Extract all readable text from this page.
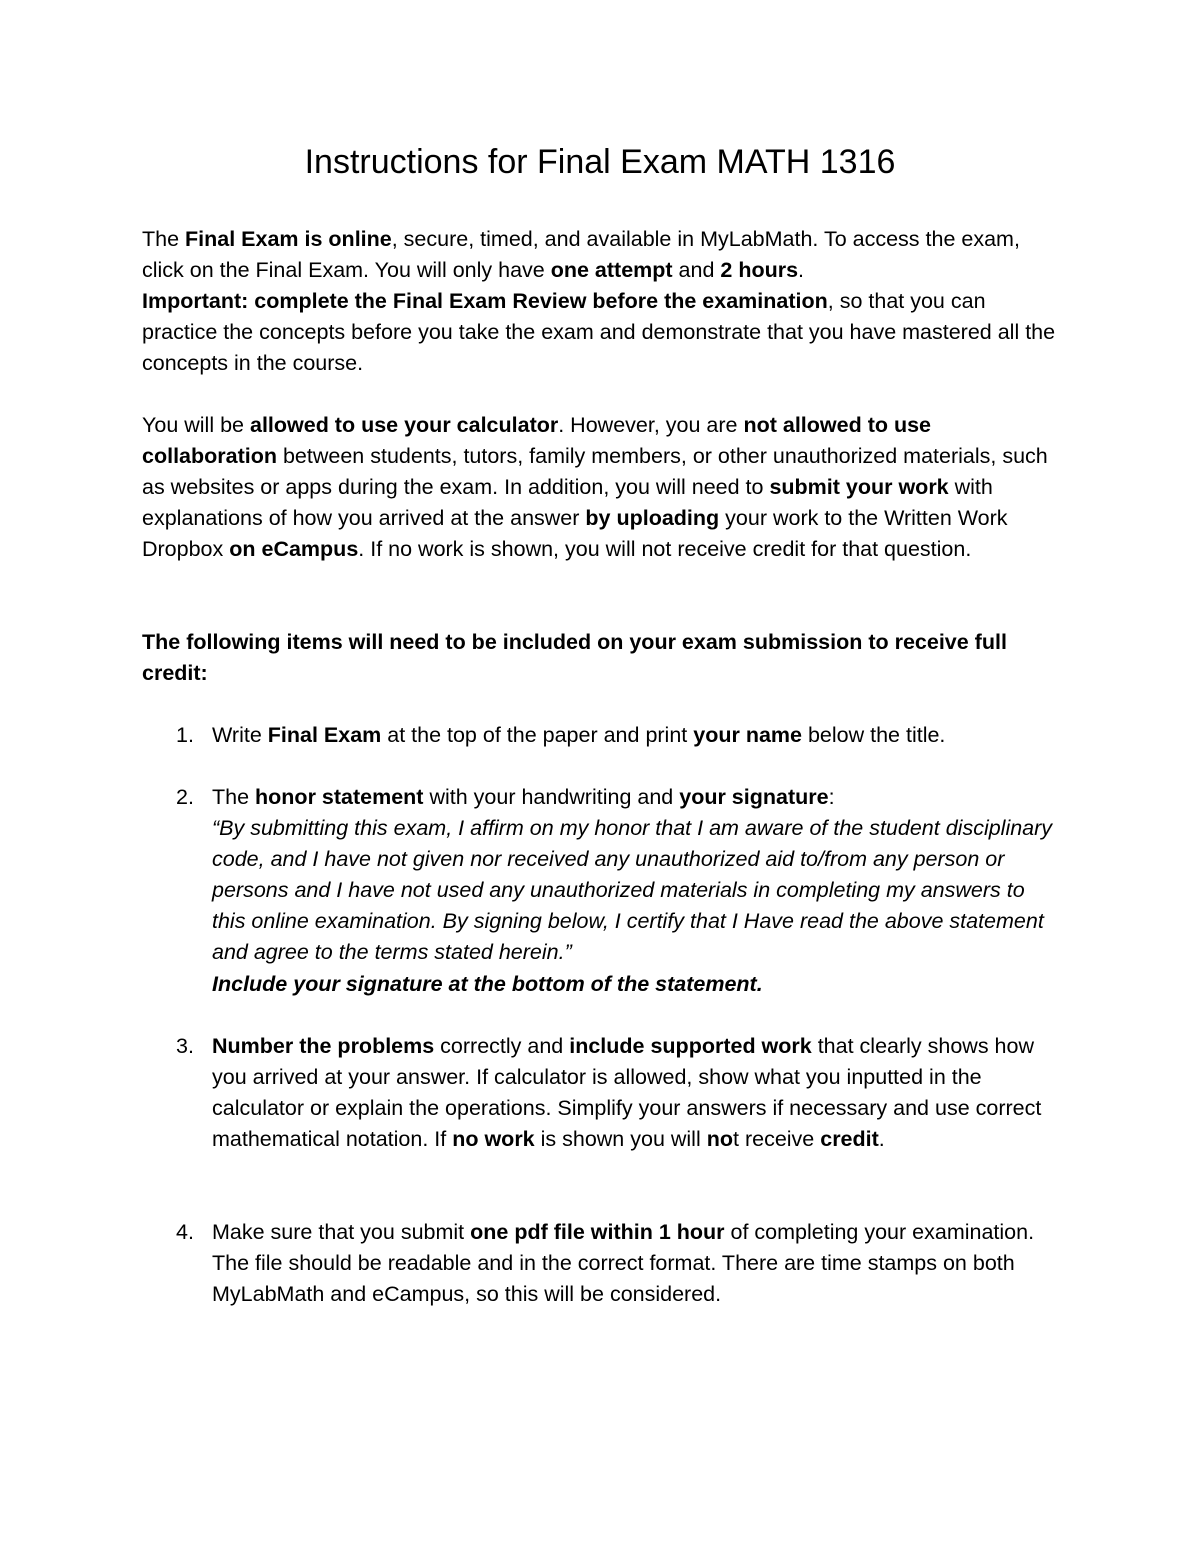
Instructions for Final Exam MATH 1316

The Final Exam is online, secure, timed, and available in MyLabMath. To access the exam, click on the Final Exam. You will only have one attempt and 2 hours.
Important: complete the Final Exam Review before the examination, so that you can practice the concepts before you take the exam and demonstrate that you have mastered all the concepts in the course.

You will be allowed to use your calculator. However, you are not allowed to use collaboration between students, tutors, family members, or other unauthorized materials, such as websites or apps during the exam. In addition, you will need to submit your work with explanations of how you arrived at the answer by uploading your work to the Written Work Dropbox on eCampus. If no work is shown, you will not receive credit for that question.

The following items will need to be included on your exam submission to receive full credit:

1. Write Final Exam at the top of the paper and print your name below the title.
2. The honor statement with your handwriting and your signature:
“By submitting this exam, I affirm on my honor that I am aware of the student disciplinary code, and I have not given nor received any unauthorized aid to/from any person or persons and I have not used any unauthorized materials in completing my answers to this online examination. By signing below, I certify that I Have read the above statement and agree to the terms stated herein.”
Include your signature at the bottom of the statement.
3. Number the problems correctly and include supported work that clearly shows how you arrived at your answer. If calculator is allowed, show what you inputted in the calculator or explain the operations. Simplify your answers if necessary and use correct mathematical notation. If no work is shown you will not receive credit.
4. Make sure that you submit one pdf file within 1 hour of completing your examination. The file should be readable and in the correct format. There are time stamps on both MyLabMath and eCampus, so this will be considered.
